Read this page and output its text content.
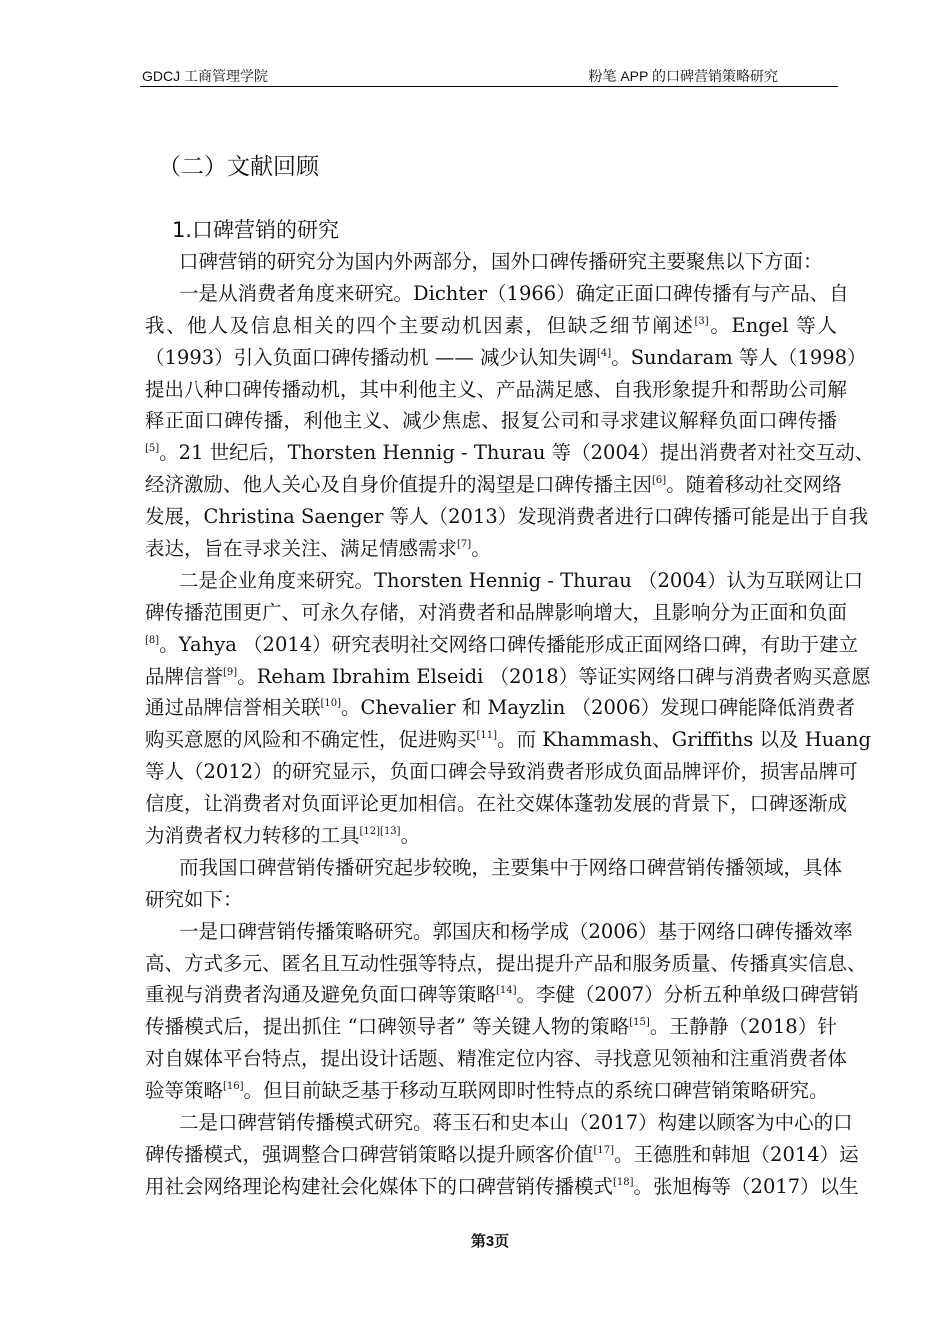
GDCJ 工商管理学院	粉笔 APP 的口碑营销策略研究
（二）文献回顾
1.口碑营销的研究
口碑营销的研究分为国内外两部分，国外口碑传播研究主要聚焦以下方面：
一是从消费者角度来研究。Dichter（1966）确定正面口碑传播有与产品、自
我、他人及信息相关的四个主要动机因素，但缺乏细节阐述[3]。Engel 等人
（1993）引入负面口碑传播动机 —— 减少认知失调[4]。Sundaram 等人（1998）
提出八种口碑传播动机，其中利他主义、产品满足感、自我形象提升和帮助公司解
释正面口碑传播，利他主义、减少焦虑、报复公司和寻求建议解释负面口碑传播
[5]。21 世纪后，Thorsten Hennig - Thurau 等（2004）提出消费者对社交互动、
经济激励、他人关心及自身价值提升的渴望是口碑传播主因[6]。随着移动社交网络
发展，Christina Saenger 等人（2013）发现消费者进行口碑传播可能是出于自我
表达，旨在寻求关注、满足情感需求[7]。
二是企业角度来研究。Thorsten Hennig - Thurau （2004）认为互联网让口
碑传播范围更广、可永久存储，对消费者和品牌影响增大，且影响分为正面和负面
[8]。Yahya （2014）研究表明社交网络口碑传播能形成正面网络口碑，有助于建立
品牌信誉[9]。Reham Ibrahim Elseidi （2018）等证实网络口碑与消费者购买意愿
通过品牌信誉相关联[10]。Chevalier 和 Mayzlin （2006）发现口碑能降低消费者
购买意愿的风险和不确定性，促进购买[11]。而 Khammash、Griffiths 以及 Huang
等人（2012）的研究显示，负面口碑会导致消费者形成负面品牌评价，损害品牌可
信度，让消费者对负面评论更加相信。在社交媒体蓬勃发展的背景下，口碑逐渐成
为消费者权力转移的工具[12][13]。
而我国口碑营销传播研究起步较晚，主要集中于网络口碑营销传播领域，具体
研究如下：
一是口碑营销传播策略研究。郭国庆和杨学成（2006）基于网络口碑传播效率
高、方式多元、匿名且互动性强等特点，提出提升产品和服务质量、传播真实信息、
重视与消费者沟通及避免负面口碑等策略[14]。李健（2007）分析五种单级口碑营销
传播模式后，提出抓住 “口碑领导者” 等关键人物的策略[15]。王静静（2018）针
对自媒体平台特点，提出设计话题、精准定位内容、寻找意见领袖和注重消费者体
验等策略[16]。但目前缺乏基于移动互联网即时性特点的系统口碑营销策略研究。
二是口碑营销传播模式研究。蒋玉石和史本山（2017）构建以顾客为中心的口
碑传播模式，强调整合口碑营销策略以提升顾客价值[17]。王德胜和韩旭（2014）运
用社会网络理论构建社会化媒体下的口碑营销传播模式[18]。张旭梅等（2017）以生
第3页
